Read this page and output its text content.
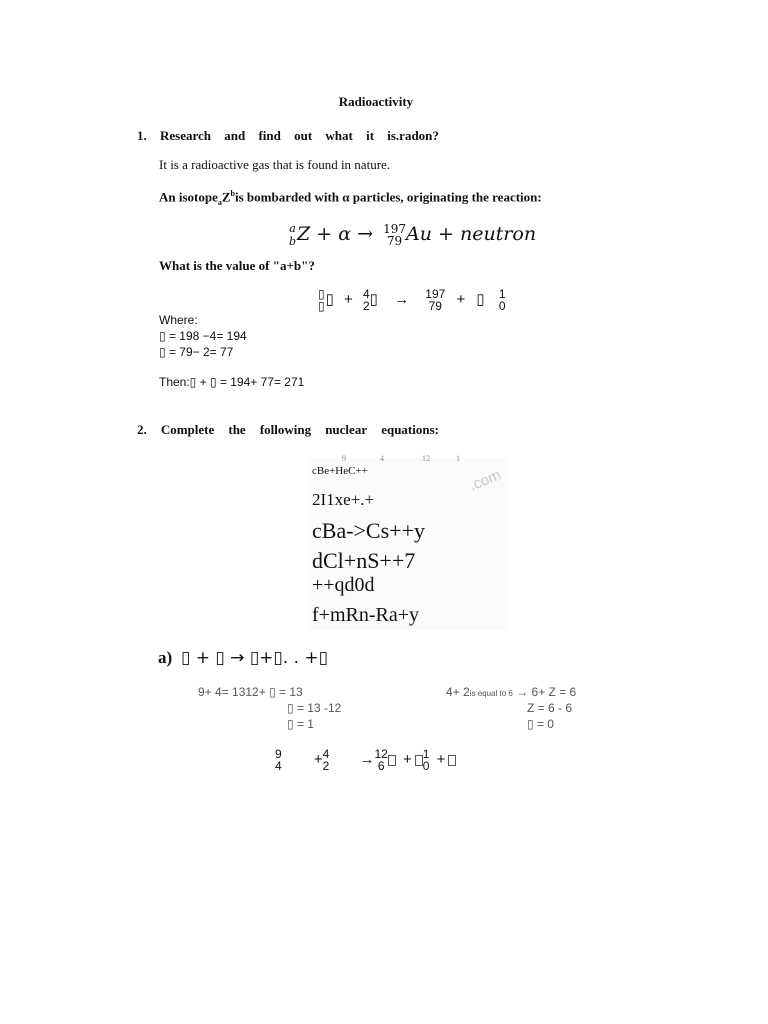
Radioactivity
1. Research and find out what it is.radon?
It is a radioactive gas that is found in nature.
An $isotope_aZ^bis$ bombarded with α particles, originating the reaction:
a
b Z + α → 197
79 Au + neutron
What is the value of "a+b"?
▯
▯ ▯ + 4
2 ▯ → 197
79 + ▯ 1
0
Where:
▯ = 198 −4= 194
▯ = 79− 2= 77
Then:▯ + ▯ = 194+ 77= 271
2. Complete the following nuclear equations:
.com
9	4	12	1
cBe+HeC++
2I1xe+.+
cBa->Cs++y
dCl+nS++7
++qd0d
f+mRn-Ra+y
a) ▯ + ▯ → ▯+▯. . +▯
9+ 4= 1312+ ▯ = 13
▯ = 13 -12
▯ = 1
4+ 2is equal to 6 → 6+ Z = 6
Z = 6 - 6
▯ = 0
9
4 + 4
2 → 12
6 + 1
0 +
